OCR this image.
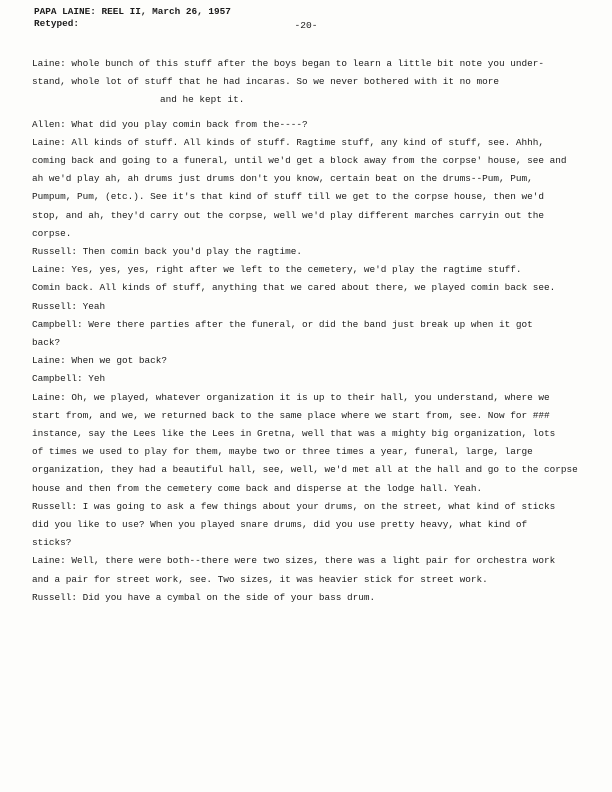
PAPA LAINE: REEL II, March 26, 1957
Retyped:	-20-
Laine: whole bunch of this stuff after the boys began to learn a little bit note you under-
stand, whole lot of stuff that he had incaras. So we never bothered with it no more
and he kept it.
Allen: What did you play comin back from the----?
Laine: All kinds of stuff. All kinds of stuff. Ragtime stuff, any kind of stuff, see. Ahhh,
coming back and going to a funeral, until we'd get a block away from the corpse' house, see and
ah we'd play ah, ah drums just drums don't you know, certain beat on the drums--Pum, Pum,
Pumpum, Pum, (etc.). See it's that kind of stuff till we get to the corpse house, then we'd
stop, and ah, they'd carry out the corpse, well we'd play different marches carryin out the
corpse.
Russell: Then comin back you'd play the ragtime.
Laine: Yes, yes, yes, right after we left to the cemetery, we'd play the ragtime stuff.
Comin back. All kinds of stuff, anything that we cared about there, we played comin back see.
Russell: Yeah
Campbell: Were there parties after the funeral, or did the band just break up when it got
back?
Laine: When we got back?
Campbell: Yeh
Laine: Oh, we played, whatever organization it is up to their hall, you understand, where we
start from, and we, we returned back to the same place where we start from, see. Now for ###
instance, say the Lees like the Lees in Gretna, well that was a mighty big organization, lots
of times we used to play for them, maybe two or three times a year, funeral, large, large
organization, they had a beautiful hall, see, well, we'd met all at the hall and go to the corpse
house and then from the cemetery come back and disperse at the lodge hall. Yeah.
Russell: I was going to ask a few things about your drums, on the street, what kind of sticks
did you like to use? When you played snare drums, did you use pretty heavy, what kind of
sticks?
Laine: Well, there were both--there were two sizes, there was a light pair for orchestra work
and a pair for street work, see. Two sizes, it was heavier stick for street work.
Russell: Did you have a cymbal on the side of your bass drum.
